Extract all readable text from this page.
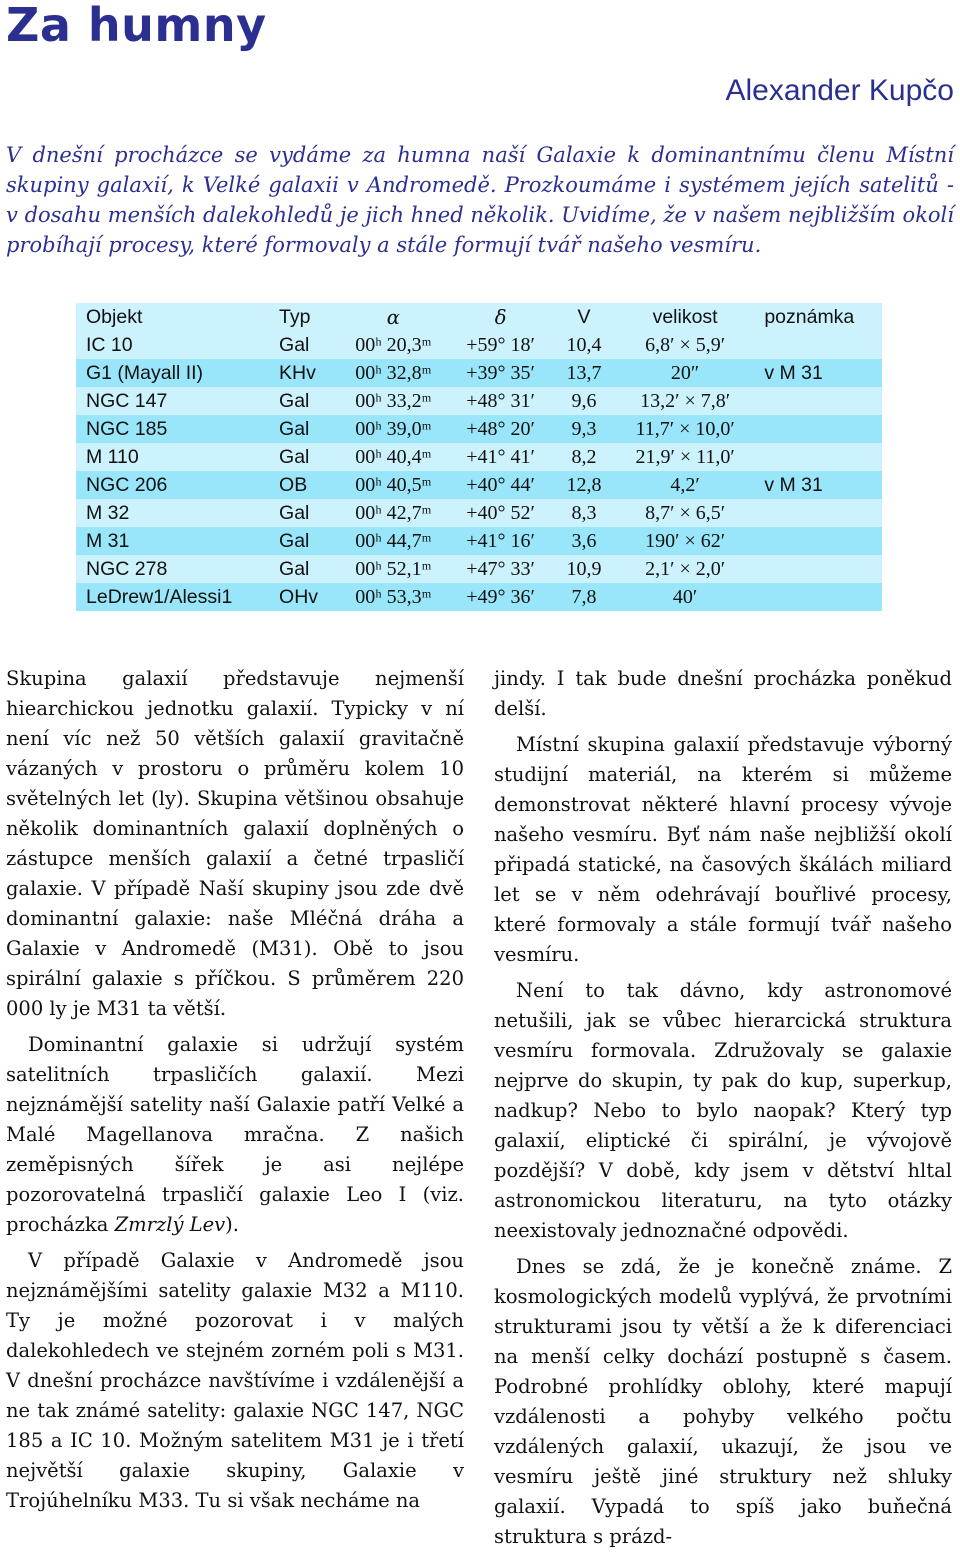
Za humny
Alexander Kupčo
V dnešní procházce se vydáme za humna naší Galaxie k dominantnímu členu Místní skupiny galaxií, k Velké galaxii v Andromedě. Prozkoumáme i systémem jejích satelitů - v dosahu menších dalekohledů je jich hned několik. Uvidíme, že v našem nejbližším okolí probíhají procesy, které formovaly a stále formují tvář našeho vesmíru.
Objekt	Typ	α	δ	V	velikost	poznámka
IC 10	Gal	00ʰ 20,3ᵐ	+59° 18′	10,4	6,8′ × 5,9′	
G1 (Mayall II)	KHv	00ʰ 32,8ᵐ	+39° 35′	13,7	20″	v M 31
NGC 147	Gal	00ʰ 33,2ᵐ	+48° 31′	9,6	13,2′ × 7,8′	
NGC 185	Gal	00ʰ 39,0ᵐ	+48° 20′	9,3	11,7′ × 10,0′	
M 110	Gal	00ʰ 40,4ᵐ	+41° 41′	8,2	21,9′ × 11,0′	
NGC 206	OB	00ʰ 40,5ᵐ	+40° 44′	12,8	4,2′	v M 31
M 32	Gal	00ʰ 42,7ᵐ	+40° 52′	8,3	8,7′ × 6,5′	
M 31	Gal	00ʰ 44,7ᵐ	+41° 16′	3,6	190′ × 62′	
NGC 278	Gal	00ʰ 52,1ᵐ	+47° 33′	10,9	2,1′ × 2,0′	
LeDrew1/Alessi1	OHv	00ʰ 53,3ᵐ	+49° 36′	7,8	40′	

Skupina galaxií představuje nejmenší hiearchickou jednotku galaxií. Typicky v ní není víc než 50 větších galaxií gravitačně vázaných v prostoru o průměru kolem 10 světelných let (ly). Skupina většinou obsahuje několik dominantních galaxií doplněných o zástupce menších galaxií a četné trpasličí galaxie. V případě Naší skupiny jsou zde dvě dominantní galaxie: naše Mléčná dráha a Galaxie v Andromedě (M31). Obě to jsou spirální galaxie s příčkou. S průměrem 220 000 ly je M31 ta větší.

Dominantní galaxie si udržují systém satelitních trpasličích galaxií. Mezi nejznámější satelity naší Galaxie patří Velké a Malé Magellanova mračna. Z našich zeměpisných šířek je asi nejlépe pozorovatelná trpasličí galaxie Leo I (viz. procházka Zmrzlý Lev).

V případě Galaxie v Andromedě jsou nejznámějšími satelity galaxie M32 a M110. Ty je možné pozorovat i v malých dalekohledech ve stejném zorném poli s M31. V dnešní procházce navštívíme i vzdálenější a ne tak známé satelity: galaxie NGC 147, NGC 185 a IC 10. Možným satelitem M31 je i třetí největší galaxie skupiny, Galaxie v Trojúhelníku M33. Tu si však necháme na

jindy. I tak bude dnešní procházka poněkud delší.

Místní skupina galaxií představuje výborný studijní materiál, na kterém si můžeme demonstrovat některé hlavní procesy vývoje našeho vesmíru. Byť nám naše nejbližší okolí připadá statické, na časových škálách miliard let se v něm odehrávají bouřlivé procesy, které formovaly a stále formují tvář našeho vesmíru.

Není to tak dávno, kdy astronomové netušili, jak se vůbec hierarcická struktura vesmíru formovala. Združovaly se galaxie nejprve do skupin, ty pak do kup, superkup, nadkup? Nebo to bylo naopak? Který typ galaxií, eliptické či spirální, je vývojově pozdější? V době, kdy jsem v dětství hltal astronomickou literaturu, na tyto otázky neexistovaly jednoznačné odpovědi.

Dnes se zdá, že je konečně známe. Z kosmologických modelů vyplývá, že prvotními strukturami jsou ty větší a že k diferenciaci na menší celky dochází postupně s časem. Podrobné prohlídky oblohy, které mapují vzdálenosti a pohyby velkého počtu vzdálených galaxií, ukazují, že jsou ve vesmíru ještě jiné struktury než shluky galaxií. Vypadá to spíš jako buňečná struktura s prázd-
